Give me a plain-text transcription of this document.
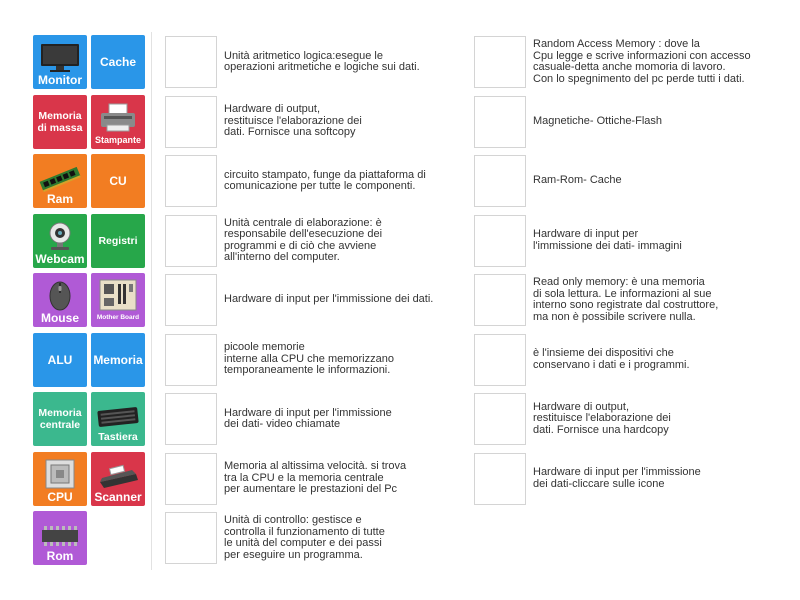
Monitor
Cache
Memoria di massa
Stampante
Ram
CU
Webcam
Registri
Mouse	Mother Board
ALU Memoria
Memoria centrale
Tastiera
CPU Scanner
Rom
Unità aritmetico logica:esegue le
operazioni aritmetiche e logiche sui dati.
Hardware di output,
restituisce l'elaborazione dei
dati. Fornisce una softcopy
circuito stampato, funge da piattaforma di
comunicazione per tutte le componenti.
Unità centrale di elaborazione: è
responsabile dell'esecuzione dei
programmi e di ciò che avviene
all'interno del computer.
Hardware di input per l'immissione dei dati.
picoole memorie
interne alla CPU che memorizzano
temporaneamente le informazioni.
Hardware di input per l'immissione
dei dati- video chiamate
Memoria al altissima velocità. si trova
tra la CPU e la memoria centrale
per aumentare le prestazioni del Pc
Unità di controllo: gestisce e
controlla il funzionamento di tutte
le unità del computer e dei passi
per eseguire un programma.
Random Access Memory : dove la
Cpu legge e scrive informazioni con accesso
casuale-detta anche momoria di lavoro.
Con lo spegnimento del pc perde tutti i dati.
Magnetiche- Ottiche-Flash
Ram-Rom- Cache
Hardware di input per
l'immissione dei dati- immagini
Read only memory: è una memoria
di sola lettura. Le informazioni al sue
interno sono registrate dal costruttore,
ma non è possibile scrivere nulla.
è l'insieme dei dispositivi che
conservano i dati e i programmi.
Hardware di output,
restituisce l'elaborazione dei
dati. Fornisce una hardcopy
Hardware di input per l'immissione
dei dati-cliccare sulle icone
